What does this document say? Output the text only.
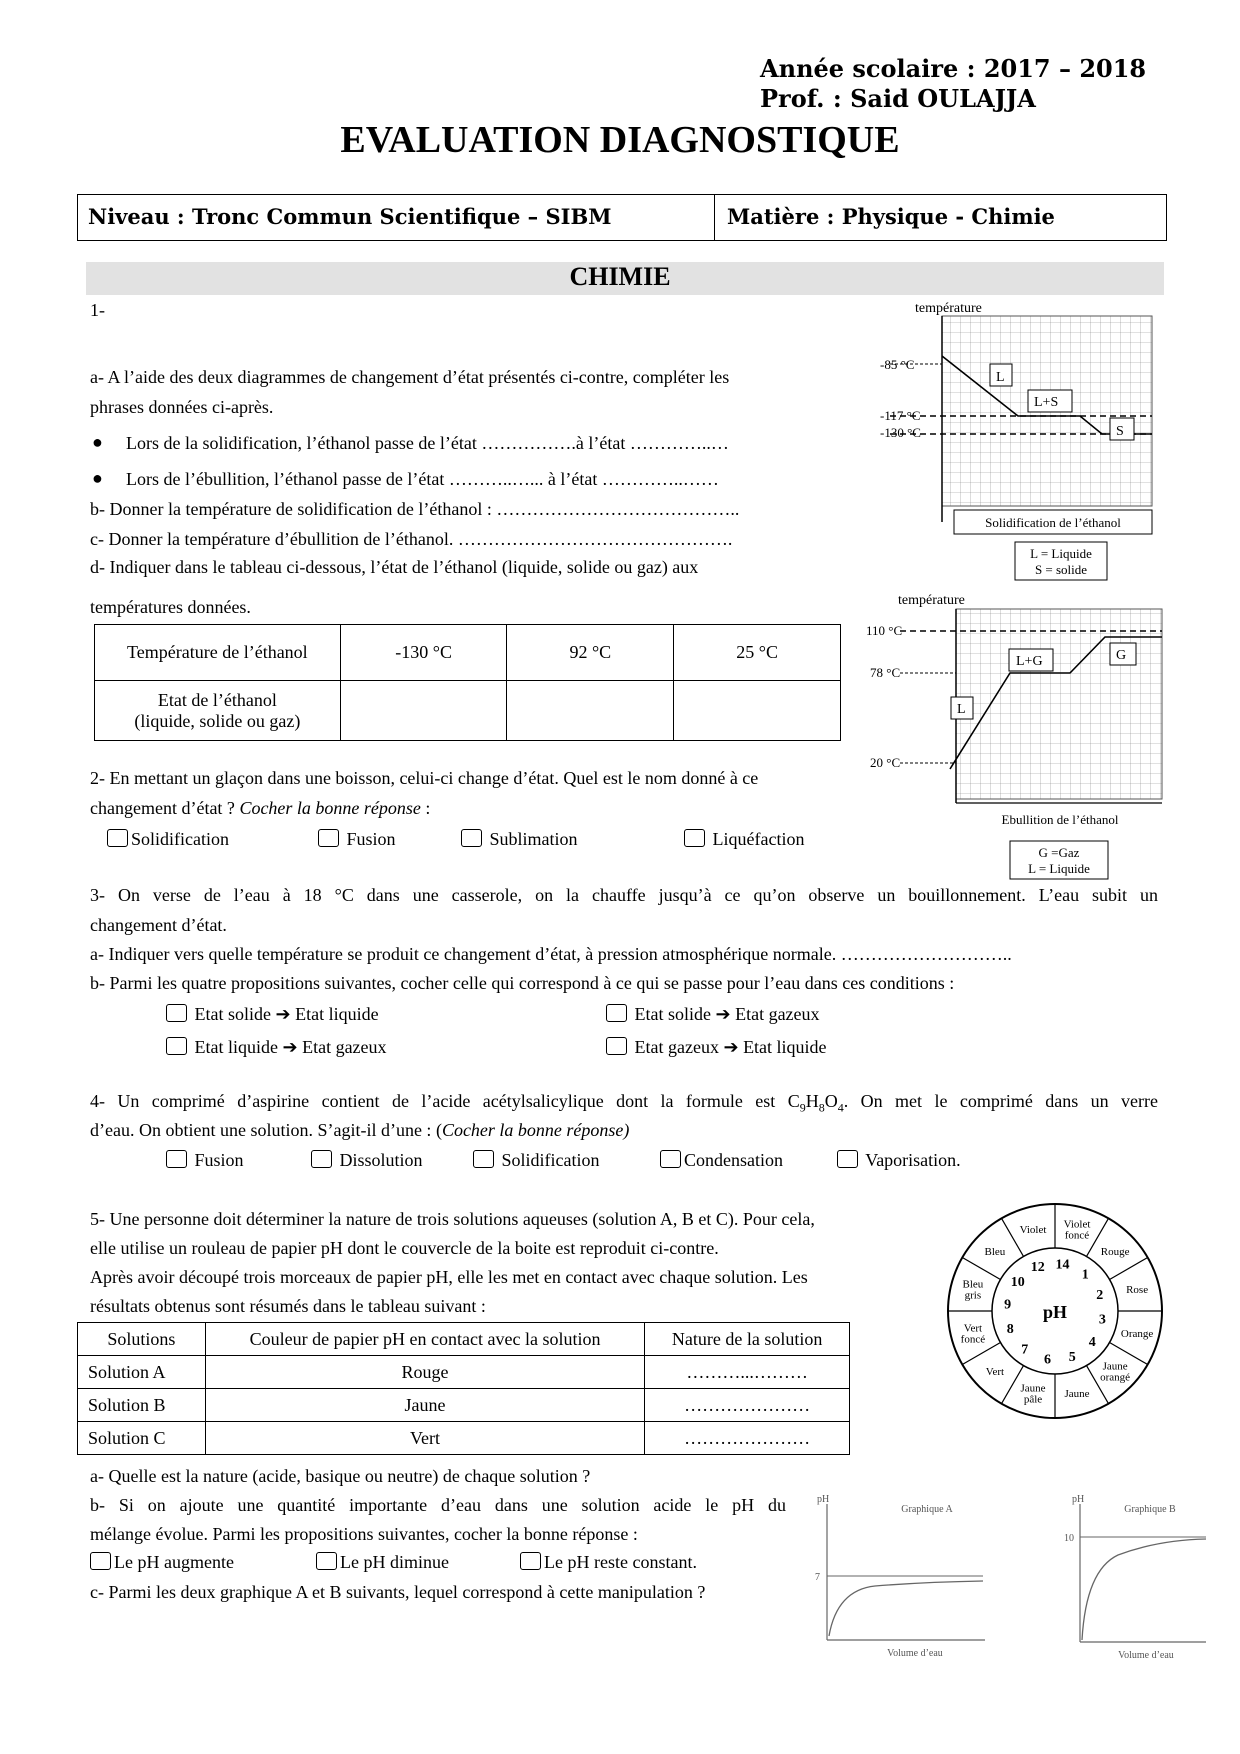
Année scolaire : 2017 – 2018
Prof. : Said OULAJJA
EVALUATION DIAGNOSTIQUE
Niveau : Tronc Commun Scientifique – SIBM	Matière : Physique - Chimie
CHIMIE
1-
a- A l’aide des deux diagrammes de changement d’état présentés ci-contre, compléter les
phrases données ci-après.
● Lors de la solidification, l’éthanol passe de l’état …………….à l’état …………..…
● Lors de l’ébullition, l’éthanol passe de l’état ………..…... à l’état …………..……
b- Donner la température de solidification de l’éthanol : …………………………………..
c- Donner la température d’ébullition de l’éthanol. ……………………………………….
d- Indiquer dans le tableau ci-dessous, l’état de l’éthanol (liquide, solide ou gaz) aux
températures données.
Température de l’éthanol	-130 °C	92 °C	25 °C

Etat de l’éthanol
(liquide, solide ou gaz)			

température
-85 °C
-117 °C
-130 °C
L
L+S
S
Solidification de l’éthanol
L = Liquide
S = solide
température
110 °C
78 °C
20 °C
L
L+G	G
Ebullition de l’éthanol
G =Gaz
L = Liquide
2- En mettant un glaçon dans une boisson, celui-ci change d’état. Quel est le nom donné à ce
changement d’état ? Cocher la bonne réponse :
Solidification	Fusion	Sublimation	Liquéfaction
3- On verse de l’eau à 18 °C dans une casserole, on la chauffe jusqu’à ce qu’on observe un bouillonnement. L’eau subit un
changement d’état.
a- Indiquer vers quelle température se produit ce changement d’état, à pression atmosphérique normale. ………………………..
b- Parmi les quatre propositions suivantes, cocher celle qui correspond à ce qui se passe pour l’eau dans ces conditions :
Etat solide ➔ Etat liquide	Etat solide ➔ Etat gazeux
Etat liquide ➔ Etat gazeux	Etat gazeux ➔ Etat liquide
4- Un comprimé d’aspirine contient de l’acide acétylsalicylique dont la formule est $C_9H_8O_4$. On met le comprimé dans un verre
d’eau. On obtient une solution. S’agit-il d’une : (Cocher la bonne réponse)
Fusion	Dissolution	Solidification	Condensation	Vaporisation.
5- Une personne doit déterminer la nature de trois solutions aqueuses (solution A, B et C). Pour cela,
elle utilise un rouleau de papier pH dont le couvercle de la boite est reproduit ci-contre.
Après avoir découpé trois morceaux de papier pH, elle les met en contact avec chaque solution. Les
résultats obtenus sont résumés dans le tableau suivant :
Solutions	Couleur de papier pH en contact avec la solution	Nature de la solution
Solution A	Rouge	………...………
Solution B	Jaune	…………………
Solution C	Vert	…………………
Violet foncé
Rouge
Rose
Orange
Jaune orangé
Jaune
Jaune pâle
Vert
Vert foncé
Bleu gris
Bleu
Violet
14
1
2
3
4
5
6
7
8
9
10
12
pH
a- Quelle est la nature (acide, basique ou neutre) de chaque solution ?
b- Si on ajoute une quantité importante d’eau dans une solution acide le pH du
mélange évolue. Parmi les propositions suivantes, cocher la bonne réponse :
Le pH augmente	Le pH diminue	Le pH reste constant.
c- Parmi les deux graphique A et B suivants, lequel correspond à cette manipulation ?
pH
Graphique A
7
Volume d’eau
pH
Graphique B
10
Volume d’eau
